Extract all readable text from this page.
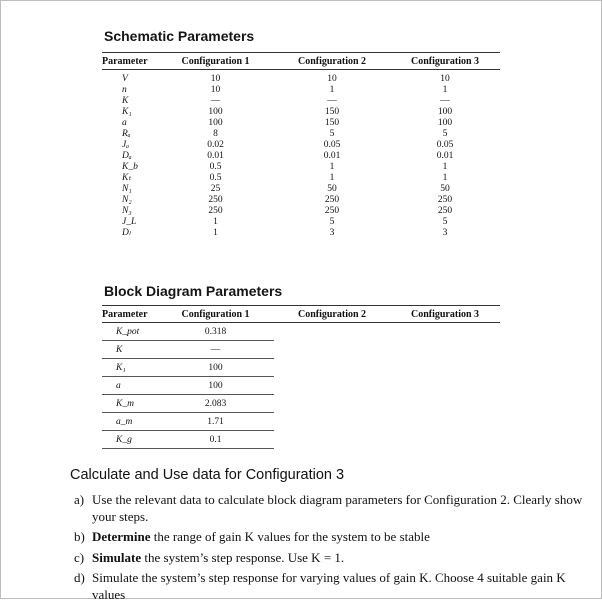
Schematic Parameters
Parameter	Configuration 1	Configuration 2	Configuration 3
V	10	10	10
n	10	1	1
K	—	—	—
K₁	100	150	100
a	100	150	100
Rₐ	8	5	5
Jₐ	0.02	0.05	0.05
Dₐ	0.01	0.01	0.01
K_b	0.5	1	1
Kₜ	0.5	1	1
N₁	25	50	50
N₂	250	250	250
N₃	250	250	250
J_L	1	5	5
Dₗ	1	3	3
Block Diagram Parameters
Parameter	Configuration 1	Configuration 2	Configuration 3
K_pot	0.318		
K	—		
K₁	100		
a	100		
K_m	2.083		
a_m	1.71		
K_g	0.1		
Calculate and Use data for Configuration 3
a) Use the relevant data to calculate block diagram parameters for Configuration 2. Clearly show your steps.
b) Determine the range of gain K values for the system to be stable
c) Simulate the system’s step response. Use K = 1.
d) Simulate the system’s step response for varying values of gain K. Choose 4 suitable gain K values
